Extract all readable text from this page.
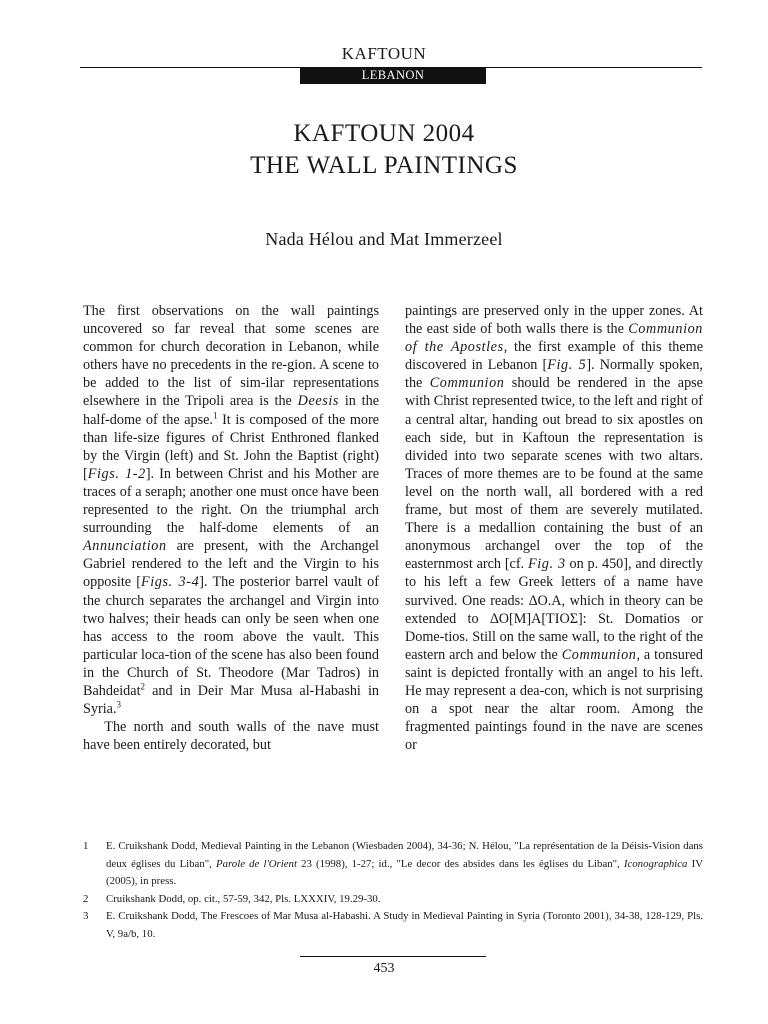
KAFTOUN
LEBANON
KAFTOUN 2004
THE WALL PAINTINGS
Nada Hélou and Mat Immerzeel

The first observations on the wall paintings uncovered so far reveal that some scenes are common for church decoration in Lebanon, while others have no precedents in the re-gion. A scene to be added to the list of sim-ilar representations elsewhere in the Tripoli area is the Deesis in the half-dome of the apse.$^1$ It is composed of the more than life-size figures of Christ Enthroned flanked by the Virgin (left) and St. John the Baptist (right) [Figs. 1-2]. In between Christ and his Mother are traces of a seraph; another one must once have been represented to the right. On the triumphal arch surrounding the half-dome elements of an Annunciation are present, with the Archangel Gabriel rendered to the left and the Virgin to his opposite [Figs. 3-4]. The posterior barrel vault of the church separates the archangel and Virgin into two halves; their heads can only be seen when one has access to the room above the vault. This particular loca-tion of the scene has also been found in the Church of St. Theodore (Mar Tadros) in Bahdeidat$^2$ and in Deir Mar Musa al-Habashi in Syria.$^3$

The north and south walls of the nave must have been entirely decorated, but

paintings are preserved only in the upper zones. At the east side of both walls there is the Communion of the Apostles, the first example of this theme discovered in Lebanon [Fig. 5]. Normally spoken, the Communion should be rendered in the apse with Christ represented twice, to the left and right of a central altar, handing out bread to six apostles on each side, but in Kaftoun the representation is divided into two separate scenes with two altars. Traces of more themes are to be found at the same level on the north wall, all bordered with a red frame, but most of them are severely mutilated. There is a medallion containing the bust of an anonymous archangel over the top of the easternmost arch [cf. Fig. 3 on p. 450], and directly to his left a few Greek letters of a name have survived. One reads: ΔΟ.Α, which in theory can be extended to ΔΟ[Μ]Α[ΤΙΟΣ]: St. Domatios or Dome-tios. Still on the same wall, to the right of the eastern arch and below the Communion, a tonsured saint is depicted frontally with an angel to his left. He may represent a dea-con, which is not surprising on a spot near the altar room. Among the fragmented paintings found in the nave are scenes or

1	E. Cruikshank Dodd, Medieval Painting in the Lebanon (Wiesbaden 2004), 34-36; N. Hélou, "La représentation de la Déisis-Vision dans deux églises du Liban", Parole de l'Orient 23 (1998), 1-27; id., "Le decor des absides dans les églises du Liban", Iconographica IV (2005), in press.
2	Cruikshank Dodd, op. cit., 57-59, 342, Pls. LXXXIV, 19.29-30.
3	E. Cruikshank Dodd, The Frescoes of Mar Musa al-Habashi. A Study in Medieval Painting in Syria (Toronto 2001), 34-38, 128-129, Pls. V, 9a/b, 10.
453
